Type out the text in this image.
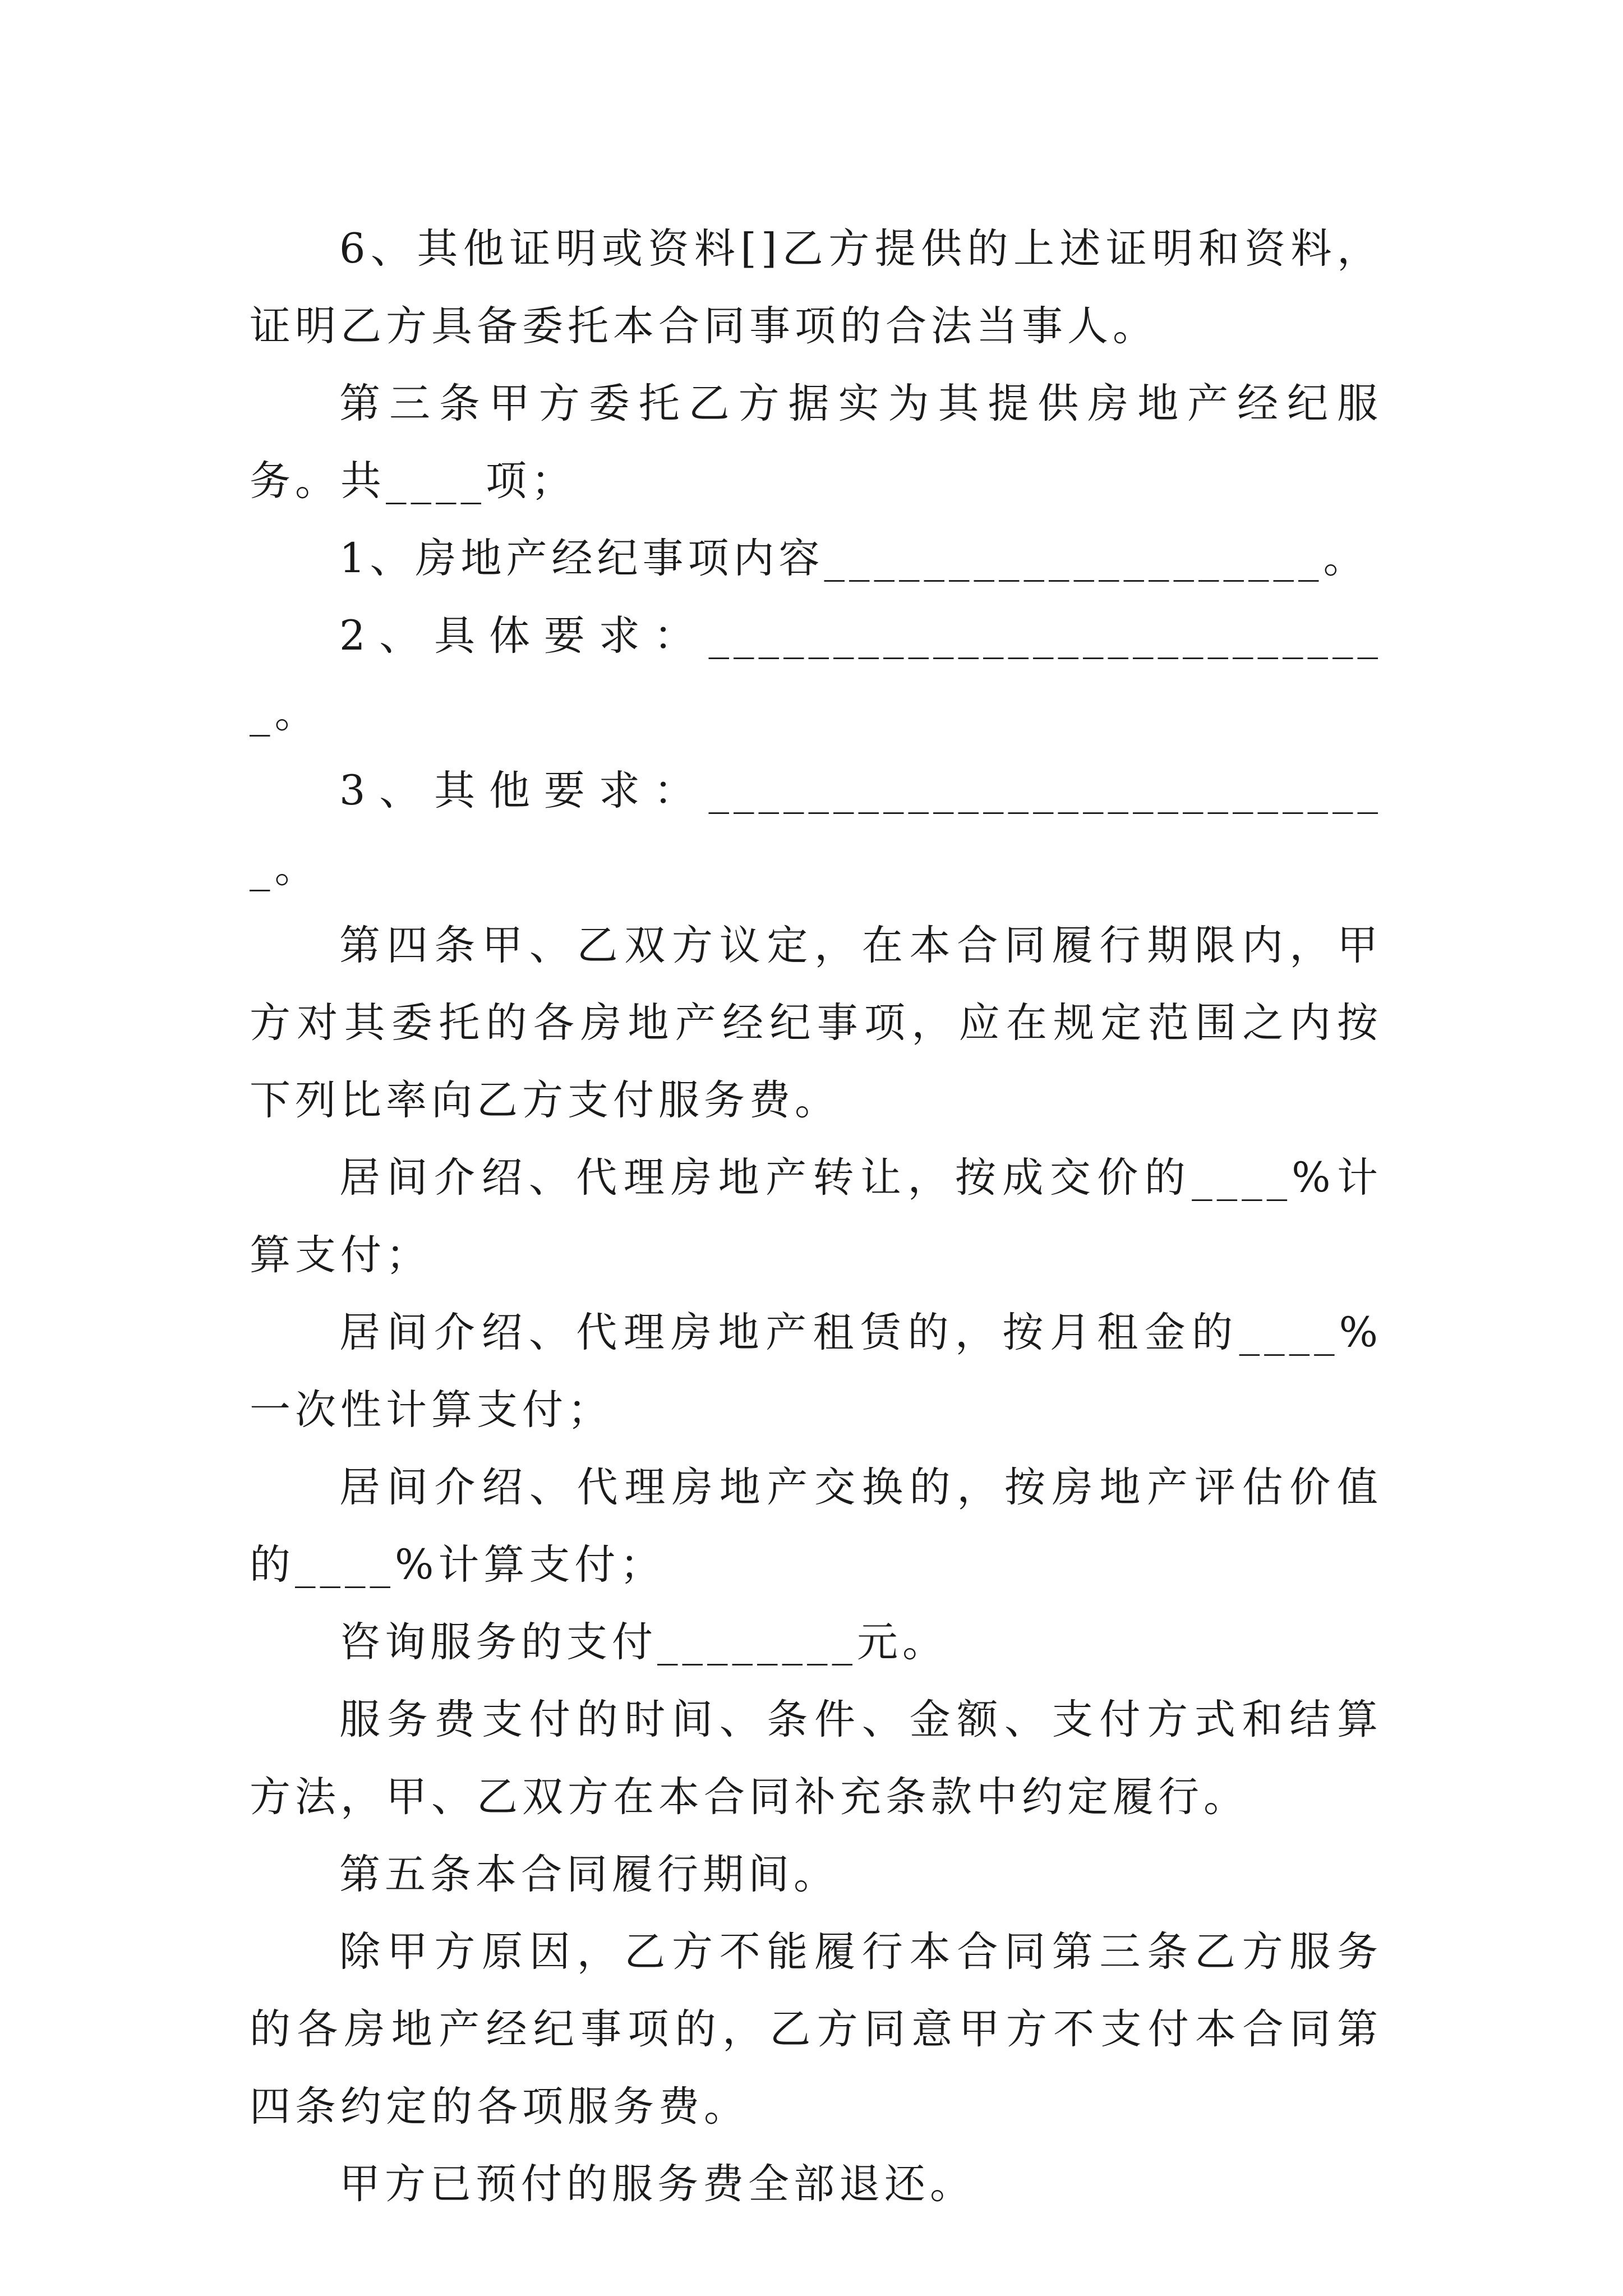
6、其他证明或资料[]乙方提供的上述证明和资料，证明乙方具备委托本合同事项的合法当事人。

第三条甲方委托乙方据实为其提供房地产经纪服务。共____项；

1、房地产经纪事项内容____________________。

2、具体要求：____________________________。

3、其他要求：____________________________。

第四条甲、乙双方议定，在本合同履行期限内，甲方对其委托的各房地产经纪事项，应在规定范围之内按下列比率向乙方支付服务费。

居间介绍、代理房地产转让，按成交价的____%计算支付；

居间介绍、代理房地产租赁的，按月租金的____%一次性计算支付；

居间介绍、代理房地产交换的，按房地产评估价值的____%计算支付；

咨询服务的支付________元。

服务费支付的时间、条件、金额、支付方式和结算方法，甲、乙双方在本合同补充条款中约定履行。

第五条本合同履行期间。

除甲方原因，乙方不能履行本合同第三条乙方服务的各房地产经纪事项的，乙方同意甲方不支付本合同第四条约定的各项服务费。

甲方已预付的服务费全部退还。
